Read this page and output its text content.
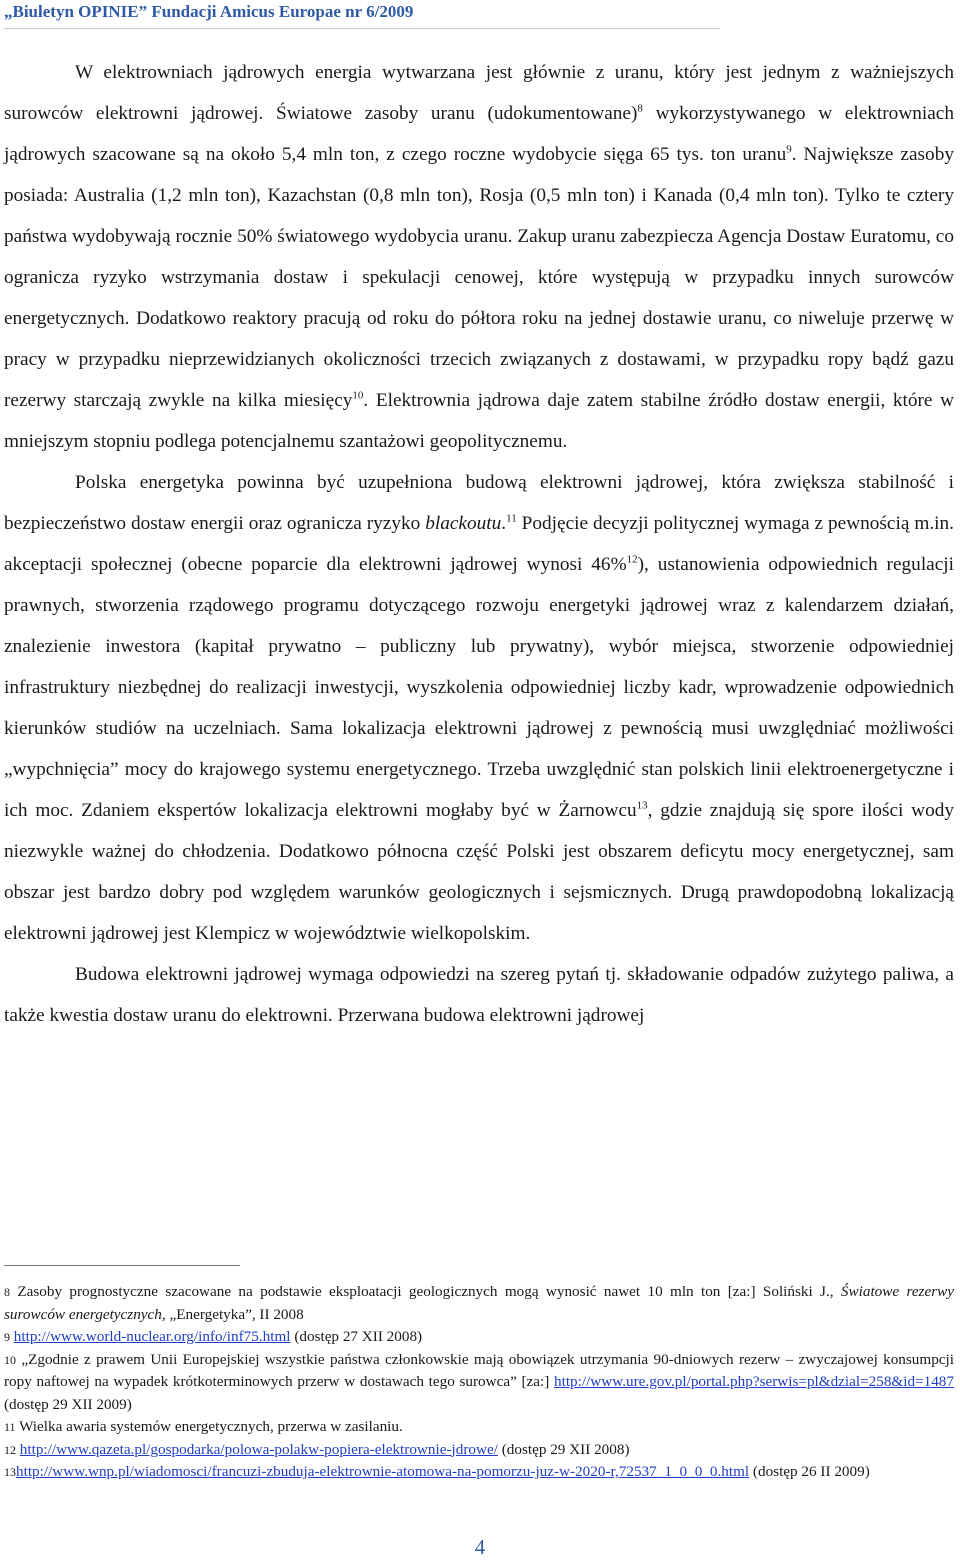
„Biuletyn OPINIE” Fundacji Amicus Europae nr 6/2009

W elektrowniach jądrowych energia wytwarzana jest głównie z uranu, który jest jednym z ważniejszych surowców elektrowni jądrowej. Światowe zasoby uranu (udokumentowane)$^8$ wykorzystywanego w elektrowniach jądrowych szacowane są na około 5,4 mln ton, z czego roczne wydobycie sięga 65 tys. ton uranu$^9$. Największe zasoby posiada: Australia (1,2 mln ton), Kazachstan (0,8 mln ton), Rosja (0,5 mln ton) i Kanada (0,4 mln ton). Tylko te cztery państwa wydobywają rocznie 50% światowego wydobycia uranu. Zakup uranu zabezpiecza Agencja Dostaw Euratomu, co ogranicza ryzyko wstrzymania dostaw i spekulacji cenowej, które występują w przypadku innych surowców energetycznych. Dodatkowo reaktory pracują od roku do półtora roku na jednej dostawie uranu, co niweluje przerwę w pracy w przypadku nieprzewidzianych okoliczności trzecich związanych z dostawami, w przypadku ropy bądź gazu rezerwy starczają zwykle na kilka miesięcy$^{10}$. Elektrownia jądrowa daje zatem stabilne źródło dostaw energii, które w mniejszym stopniu podlega potencjalnemu szantażowi geopolitycznemu.

Polska energetyka powinna być uzupełniona budową elektrowni jądrowej, która zwiększa stabilność i bezpieczeństwo dostaw energii oraz ogranicza ryzyko blackoutu.$^{11}$ Podjęcie decyzji politycznej wymaga z pewnością m.in. akceptacji społecznej (obecne poparcie dla elektrowni jądrowej wynosi 46%$^{12}$), ustanowienia odpowiednich regulacji prawnych, stworzenia rządowego programu dotyczącego rozwoju energetyki jądrowej wraz z kalendarzem działań, znalezienie inwestora (kapitał prywatno – publiczny lub prywatny), wybór miejsca, stworzenie odpowiedniej infrastruktury niezbędnej do realizacji inwestycji, wyszkolenia odpowiedniej liczby kadr, wprowadzenie odpowiednich kierunków studiów na uczelniach. Sama lokalizacja elektrowni jądrowej z pewnością musi uwzględniać możliwości „wypchnięcia” mocy do krajowego systemu energetycznego. Trzeba uwzględnić stan polskich linii elektroenergetyczne i ich moc. Zdaniem ekspertów lokalizacja elektrowni mogłaby być w Żarnowcu$^{13}$, gdzie znajdują się spore ilości wody niezwykle ważnej do chłodzenia. Dodatkowo północna część Polski jest obszarem deficytu mocy energetycznej, sam obszar jest bardzo dobry pod względem warunków geologicznych i sejsmicznych. Drugą prawdopodobną lokalizacją elektrowni jądrowej jest Klempicz w województwie wielkopolskim.

Budowa elektrowni jądrowej wymaga odpowiedzi na szereg pytań tj. składowanie odpadów zużytego paliwa, a także kwestia dostaw uranu do elektrowni. Przerwana budowa elektrowni jądrowej

$^8$ Zasoby prognostyczne szacowane na podstawie eksploatacji geologicznych mogą wynosić nawet 10 mln ton [za:] Soliński J., Światowe rezerwy surowców energetycznych, „Energetyka”, II 2008

$^9$ http://www.world-nuclear.org/info/inf75.html (dostęp 27 XII 2008)

$^{10}$ „Zgodnie z prawem Unii Europejskiej wszystkie państwa członkowskie mają obowiązek utrzymania 90-dniowych rezerw – zwyczajowej konsumpcji ropy naftowej na wypadek krótkoterminowych przerw w dostawach tego surowca” [za:] http://www.ure.gov.pl/portal.php?serwis=pl&dzial=258&id=1487 (dostęp 29 XII 2009)

$^{11}$ Wielka awaria systemów energetycznych, przerwa w zasilaniu.

$^{12}$ http://www.qazeta.pl/gospodarka/polowa-polakw-popiera-elektrownie-jdrowe/ (dostęp 29 XII 2008)

$^{13}$http://www.wnp.pl/wiadomosci/francuzi-zbuduja-elektrownie-atomowa-na-pomorzu-juz-w-2020-r,72537_1_0_0_0.html (dostęp 26 II 2009)

4
